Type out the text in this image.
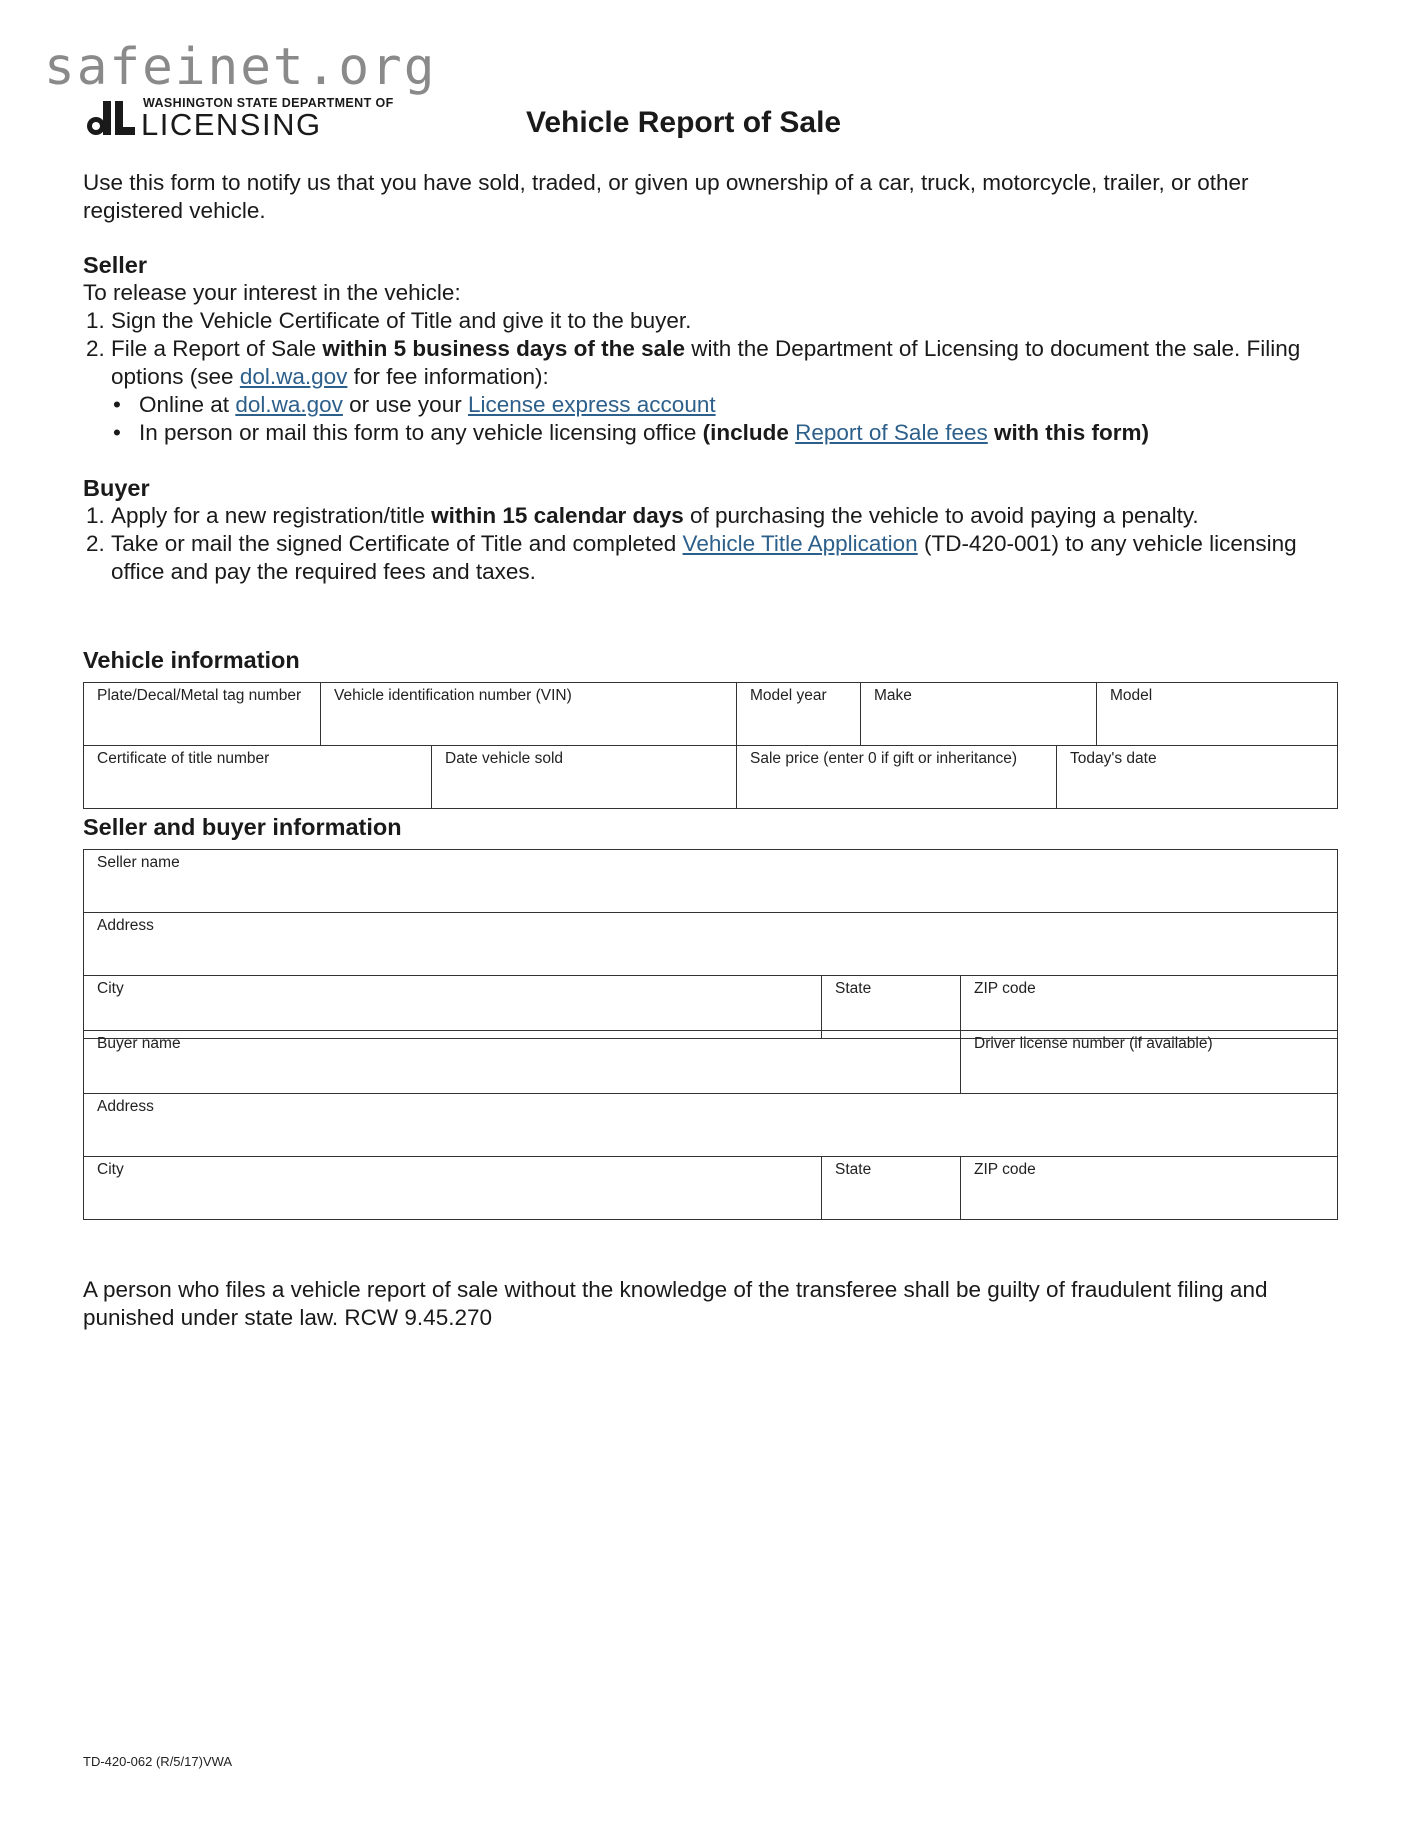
safeinet.org
WASHINGTON STATE DEPARTMENT OF
LICENSING	Vehicle Report of Sale

Use this form to notify us that you have sold, traded, or given up ownership of a car, truck, motorcycle, trailer, or other registered vehicle.

Seller

To release your interest in the vehicle:

1. Sign the Vehicle Certificate of Title and give it to the buyer.
2. File a Report of Sale within 5 business days of the sale with the Department of Licensing to document the sale. Filing options (see dol.wa.gov for fee information):
• Online at dol.wa.gov or use your License express account
• In person or mail this form to any vehicle licensing office (include Report of Sale fees with this form)
Buyer
1. Apply for a new registration/title within 15 calendar days of purchasing the vehicle to avoid paying a penalty.
2. Take or mail the signed Certificate of Title and completed Vehicle Title Application (TD-420-001) to any vehicle licensing office and pay the required fees and taxes.
Vehicle information
Plate/Decal/Metal tag number	Vehicle identification number (VIN)		Model year	Make		Model

Certificate of title number		Date vehicle sold	Sale price (enter 0 if gift or inheritance)		Today's date	
Seller and buyer information
Seller name

Address

City	State	ZIP code
Buyer name		Driver license number (if available)

Address		

City	State	ZIP code

A person who files a vehicle report of sale without the knowledge of the transferee shall be guilty of fraudulent filing and punished under state law. RCW 9.45.270

TD-420-062 (R/5/17)VWA
